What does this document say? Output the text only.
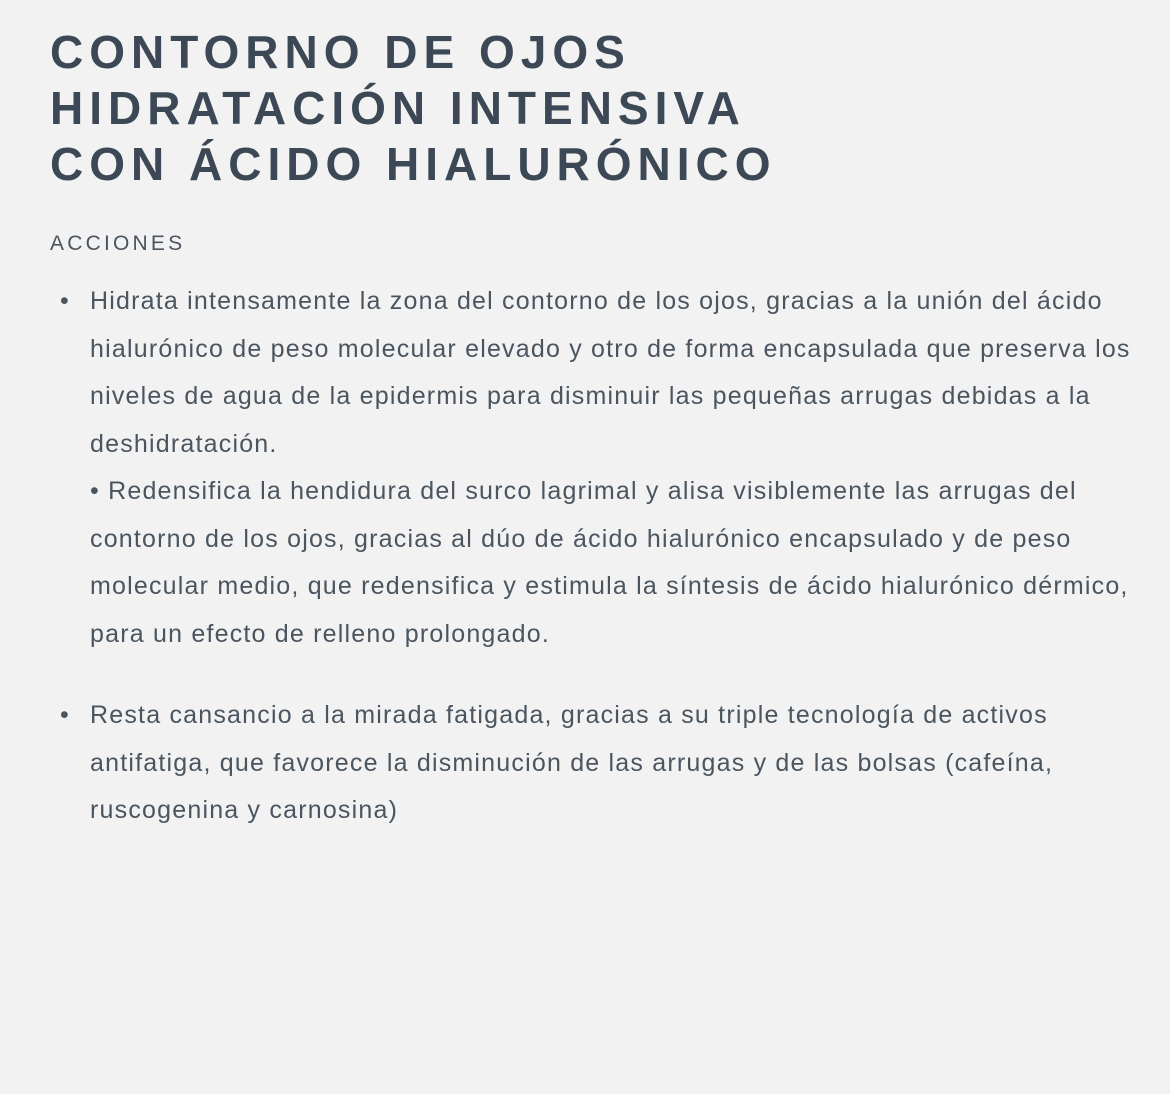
CONTORNO DE OJOS
HIDRATACIÓN INTENSIVA
CON ÁCIDO HIALURÓNICO
ACCIONES
• Hidrata intensamente la zona del contorno de los ojos, gracias a la unión del ácido hialurónico de peso molecular elevado y otro de forma encapsulada que preserva los niveles de agua de la epidermis para disminuir las pequeñas arrugas debidas a la deshidratación.
• Redensifica la hendidura del surco lagrimal y alisa visiblemente las arrugas del contorno de los ojos, gracias al dúo de ácido hialurónico encapsulado y de peso molecular medio, que redensifica y estimula la síntesis de ácido hialurónico dérmico, para un efecto de relleno prolongado.
• Resta cansancio a la mirada fatigada, gracias a su triple tecnología de activos antifatiga, que favorece la disminución de las arrugas y de las bolsas (cafeína, ruscogenina y carnosina)
